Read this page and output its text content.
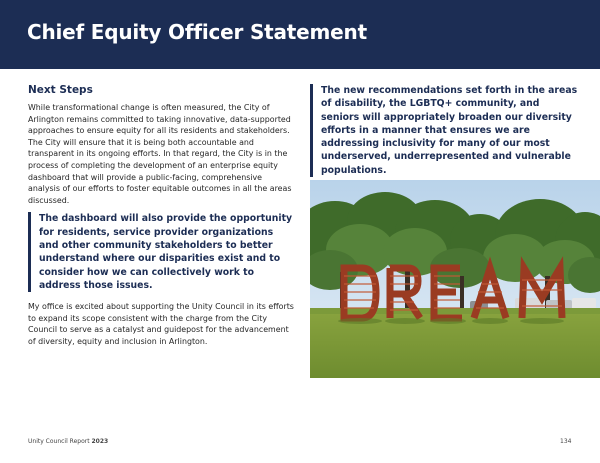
Chief Equity Officer Statement
Next Steps

While transformational change is often measured, the City of Arlington remains committed to taking innovative, data-supported approaches to ensure equity for all its residents and stakeholders. The City will ensure that it is being both accountable and transparent in its ongoing efforts. In that regard, the City is in the process of completing the development of an enterprise equity dashboard that will provide a public-facing, comprehensive analysis of our efforts to foster equitable outcomes in all the areas discussed.

The dashboard will also provide the opportunity for residents, service provider organizations and other community stakeholders to better understand where our disparities exist and to consider how we can collectively work to address those issues.

My office is excited about supporting the Unity Council in its efforts to expand its scope consistent with the charge from the City Council to serve as a catalyst and guidepost for the advancement of diversity, equity and inclusion in Arlington.

The new recommendations set forth in the areas of disability, the LGBTQ+ community, and seniors will appropriately broaden our diversity efforts in a manner that ensures we are addressing inclusivity for many of our most underserved, underrepresented and vulnerable populations.
Unity Council Report 2023	134
